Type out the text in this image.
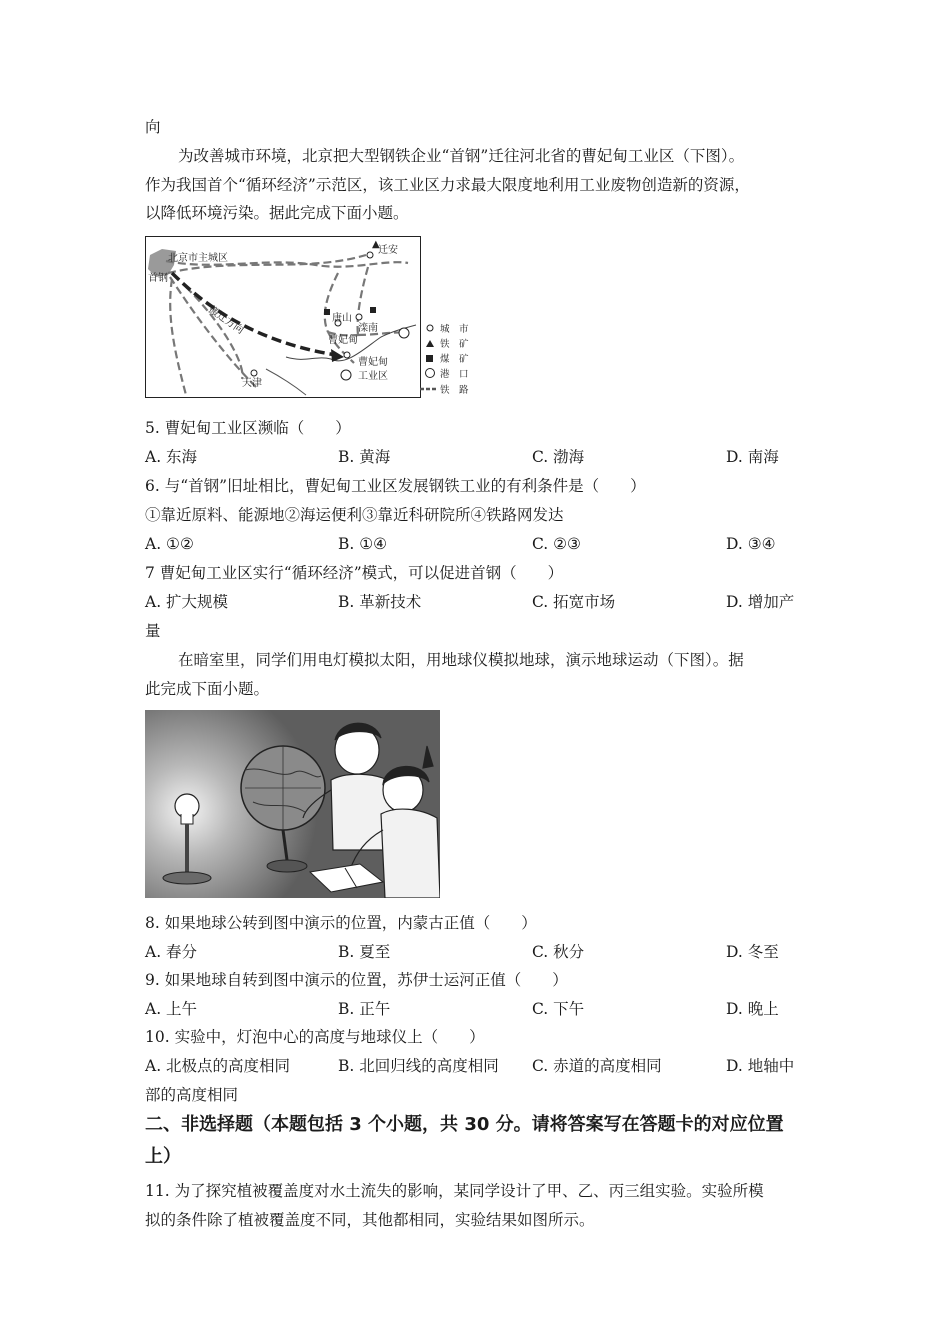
向
为改善城市环境，北京把大型钢铁企业“首钢”迁往河北省的曹妃甸工业区（下图）。
作为我国首个“循环经济”示范区，该工业区力求最大限度地利用工业废物创造新的资源，
以降低环境污染。据此完成下面小题。
搬迁方向
迁安
▲
唐山
滦南
曹妃甸
曹妃甸
工业区
天津
北京市主城区
首钢
城　市
铁　矿
煤　矿
港　口
铁　路
5. 曹妃甸工业区濒临（　　）
A. 东海	B. 黄海	C. 渤海	D. 南海
6. 与“首钢”旧址相比，曹妃甸工业区发展钢铁工业的有利条件是（　　）
①靠近原料、能源地②海运便利③靠近科研院所④铁路网发达
A. ①②	B. ①④	C. ②③	D. ③④
7 曹妃甸工业区实行“循环经济”模式，可以促进首钢（　　）
A. 扩大规模	B. 革新技术	C. 拓宽市场	D. 增加产
量
在暗室里，同学们用电灯模拟太阳，用地球仪模拟地球，演示地球运动（下图）。据
此完成下面小题。
8. 如果地球公转到图中演示的位置，内蒙古正值（　　）
A. 春分	B. 夏至	C. 秋分	D. 冬至
9. 如果地球自转到图中演示的位置，苏伊士运河正值（　　）
A. 上午	B. 正午	C. 下午	D. 晚上
10. 实验中，灯泡中心的高度与地球仪上（　　）
A. 北极点的高度相同	B. 北回归线的高度相同 C. 赤道的高度相同	D. 地轴中
部的高度相同
二、非选择题（本题包括 3 个小题，共 30 分。请将答案写在答题卡的对应位置
上）
11. 为了探究植被覆盖度对水土流失的影响，某同学设计了甲、乙、丙三组实验。实验所模
拟的条件除了植被覆盖度不同，其他都相同，实验结果如图所示。
